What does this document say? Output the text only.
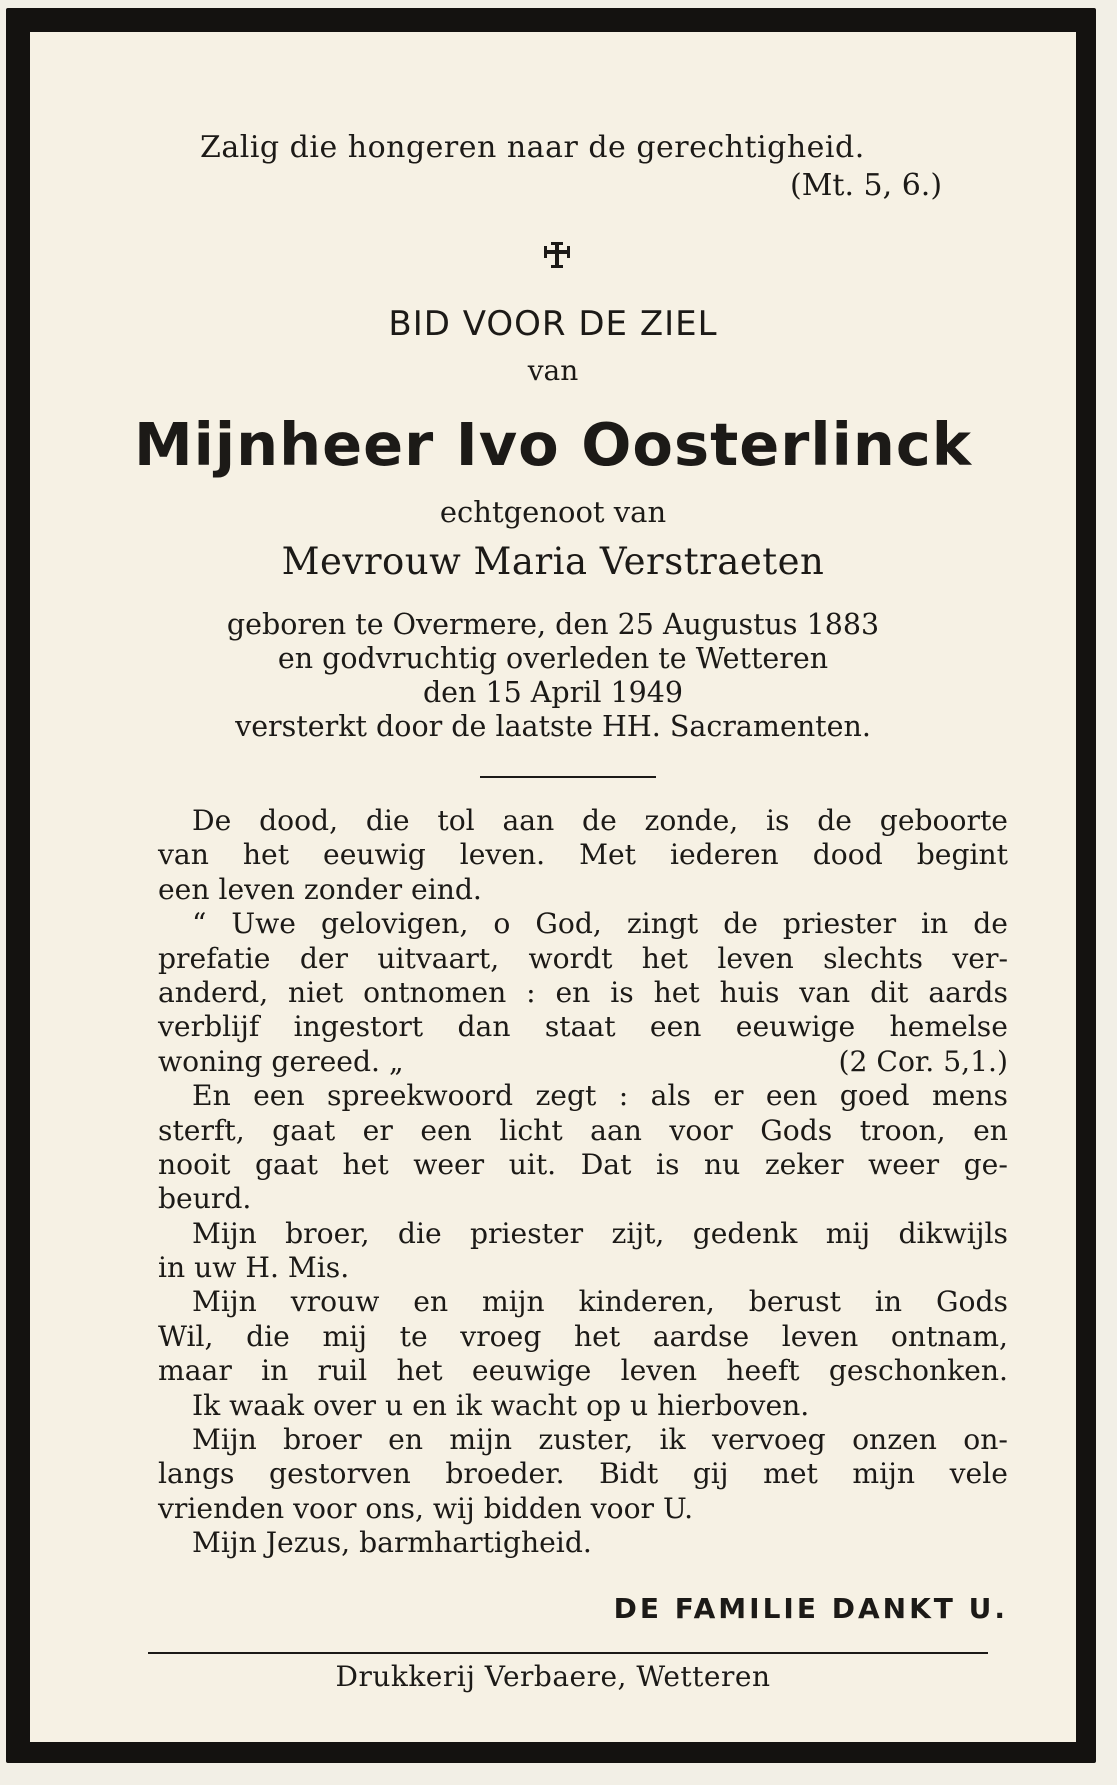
Zalig die hongeren naar de gerechtigheid.
(Mt. 5, 6.)
BID VOOR DE ZIEL
van
Mijnheer Ivo Oosterlinck
echtgenoot van
Mevrouw Maria Verstraeten
geboren te Overmere, den 25 Augustus 1883
en godvruchtig overleden te Wetteren
den 15 April 1949
versterkt door de laatste HH. Sacramenten.
De dood, die tol aan de zonde, is de geboorte
van het eeuwig leven. Met iederen dood begint
een leven zonder eind.
“ Uwe gelovigen, o God, zingt de priester in de
prefatie der uitvaart, wordt het leven slechts ver-
anderd, niet ontnomen : en is het huis van dit aards
verblijf ingestort dan staat een eeuwige hemelse
woning gereed. „	(2 Cor. 5,1.)
En een spreekwoord zegt : als er een goed mens
sterft, gaat er een licht aan voor Gods troon, en
nooit gaat het weer uit. Dat is nu zeker weer ge-
beurd.
Mijn broer, die priester zijt, gedenk mij dikwijls
in uw H. Mis.
Mijn vrouw en mijn kinderen, berust in Gods
Wil, die mij te vroeg het aardse leven ontnam,
maar in ruil het eeuwige leven heeft geschonken.
Ik waak over u en ik wacht op u hierboven.
Mijn broer en mijn zuster, ik vervoeg onzen on-
langs gestorven broeder. Bidt gij met mijn vele
vrienden voor ons, wij bidden voor U.
Mijn Jezus, barmhartigheid.
DE FAMILIE DANKT U.
Drukkerij Verbaere, Wetteren
